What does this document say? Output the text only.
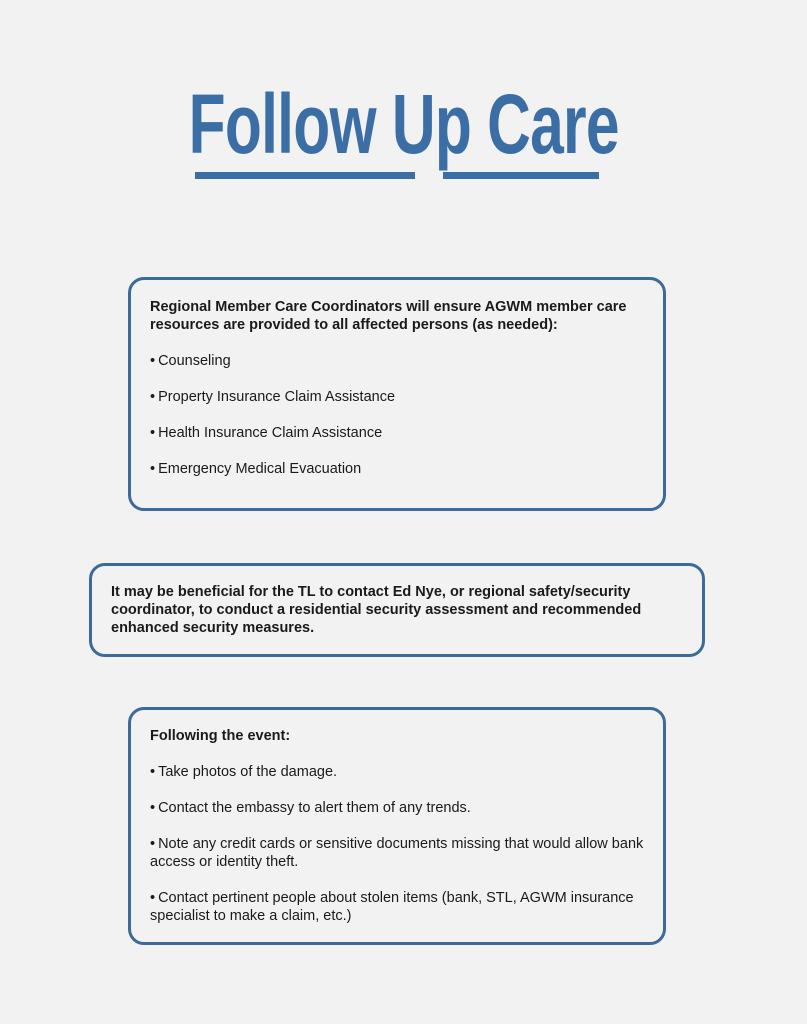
Follow Up Care

Regional Member Care Coordinators will ensure AGWM member care resources are provided to all affected persons (as needed):

• Counseling
• Property Insurance Claim Assistance
• Health Insurance Claim Assistance
• Emergency Medical Evacuation

It may be beneficial for the TL to contact Ed Nye, or regional safety/security coordinator, to conduct a residential security assessment and recommended enhanced security measures.

Following the event:

• Take photos of the damage.
• Contact the embassy to alert them of any trends.
• Note any credit cards or sensitive documents missing that would allow bank access or identity theft.
• Contact pertinent people about stolen items (bank, STL, AGWM insurance specialist to make a claim, etc.)
